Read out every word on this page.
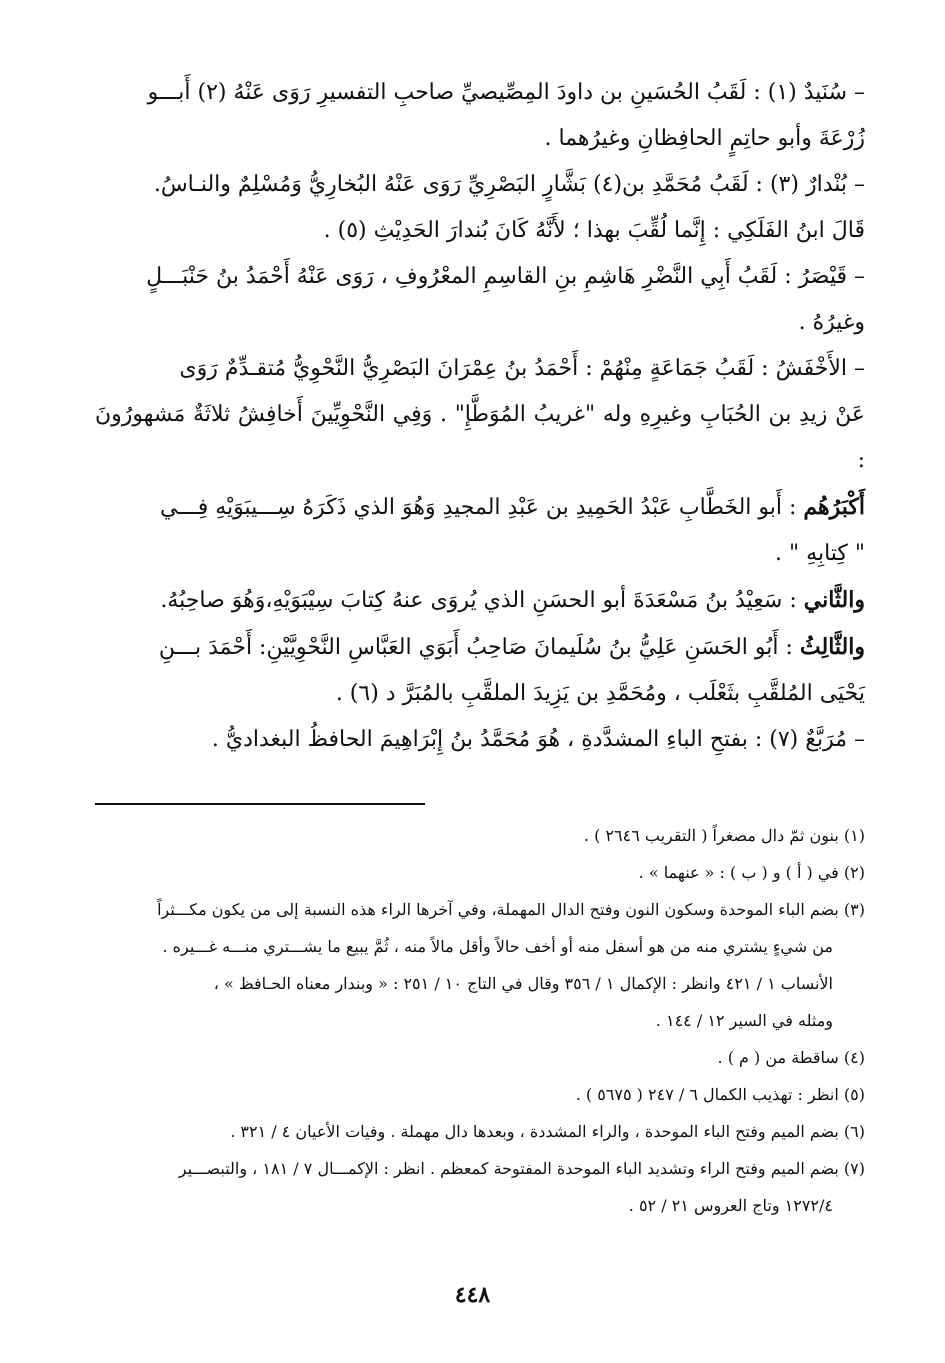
– سُنَيدٌ (١) : لَقَبُ الحُسَينِ بن داودَ المِصِّيصيِّ صاحبِ التفسيرِ رَوَى عَنْهُ (٢) أَبـــو

زُرْعَةَ وأبو حاتِمٍ الحافِظانِ وغيرُهما .

– بُنْدارٌ (٣) : لَقَبُ مُحَمَّدِ بن(٤) بَشَّارٍ البَصْرِيِّ رَوَى عَنْهُ البُخارِيُّ وَمُسْلِمٌ والنـاسُ.

قَالَ ابنُ الفَلَكِي : إِنَّما لُقِّبَ بهذا ؛ لأَنَّهُ كَانَ بُندارَ الحَدِيْثِ (٥) .

– قَيْصَرُ : لَقَبُ أَبِي النَّضْرِ هَاشِمِ بنِ القاسِمِ المعْرُوفِ ، رَوَى عَنْهُ أَحْمَدُ بنُ حَنْبَـــلٍ

وغيرُهُ .

– الأَخْفَشُ : لَقَبُ جَمَاعَةٍ مِنْهُمْ : أَحْمَدُ بنُ عِمْرَانَ البَصْرِيُّ النَّحْوِيُّ مُتقـدِّمٌ رَوَى

عَنْ زيدِ بن الحُبَابِ وغيرِهِ وله "غريبُ المُوَطَّإِ" . وَفِي النَّحْوِيِّينَ أَخافِشُ ثلاثَةٌ مَشهورُونَ :

أَكْبَرُهُم : أَبو الخَطَّابِ عَبْدُ الحَمِيدِ بن عَبْدِ المجيدِ وَهُوَ الذي ذَكَرَهُ سِـــيبَوَيْهِ فِـــي

" كِتابِهِ " .

والثَّاني : سَعِيْدُ بنُ مَسْعَدَةَ أبو الحسَنِ الذي يُروَى عنهُ كِتابَ سِيْبَوَيْهِ،وَهُوَ صاحِبُهُ.

والثَّالِثُ : أَبُو الحَسَنِ عَلِيُّ بنُ سُلَيمانَ صَاحِبُ أَبَوَي العَبَّاسِ النَّحْوِيَّيْنِ: أَحْمَدَ بـــنِ

يَحْيَى المُلقَّبِ بثَعْلَب ، ومُحَمَّدِ بن يَزِيدَ الملقَّبِ بالمُبَرَّ د (٦) .

– مُرَبَّعٌ (٧) : بفتحِ الباءِ المشدَّدةِ ، هُوَ مُحَمَّدُ بنُ إِبْرَاهِيمَ الحافظُ البغداديُّ .

(١) بنون ثمّ دال مصغراً ( التقريب ٢٦٤٦ ) .

(٢) في ( أ ) و ( ب ) : « عنهما » .

(٣) بضم الباء الموحدة وسكون النون وفتح الدال المهملة، وفي آخرها الراء هذه النسبة إلى من يكون مكـــثراً

من شيءٍ يشتري منه من هو أسفل منه أو أخف حالاً وأقل مالاً منه ، ثُمَّ يبيع ما يشـــتري منـــه غـــيره .

الأنساب ١ / ٤٢١ وانظر : الإكمال ١ / ٣٥٦ وقال في التاج ١٠ / ٢٥١ : « وبندار معناه الحـافظ » ،

ومثله في السير ١٢ / ١٤٤ .

(٤) ساقطة من ( م ) .

(٥) انظر : تهذيب الكمال ٦ / ٢٤٧ ( ٥٦٧٥ ) .

(٦) بضم الميم وفتح الباء الموحدة ، والراء المشددة ، وبعدها دال مهملة . وفيات الأعيان ٤ / ٣٢١ .

(٧) بضم الميم وفتح الراء وتشديد الباء الموحدة المفتوحة كمعظم . انظر : الإكمـــال ٧ / ١٨١ ، والتبصـــير

١٢٧٢/٤ وتاج العروس ٢١ / ٥٢ .

٤٤٨
